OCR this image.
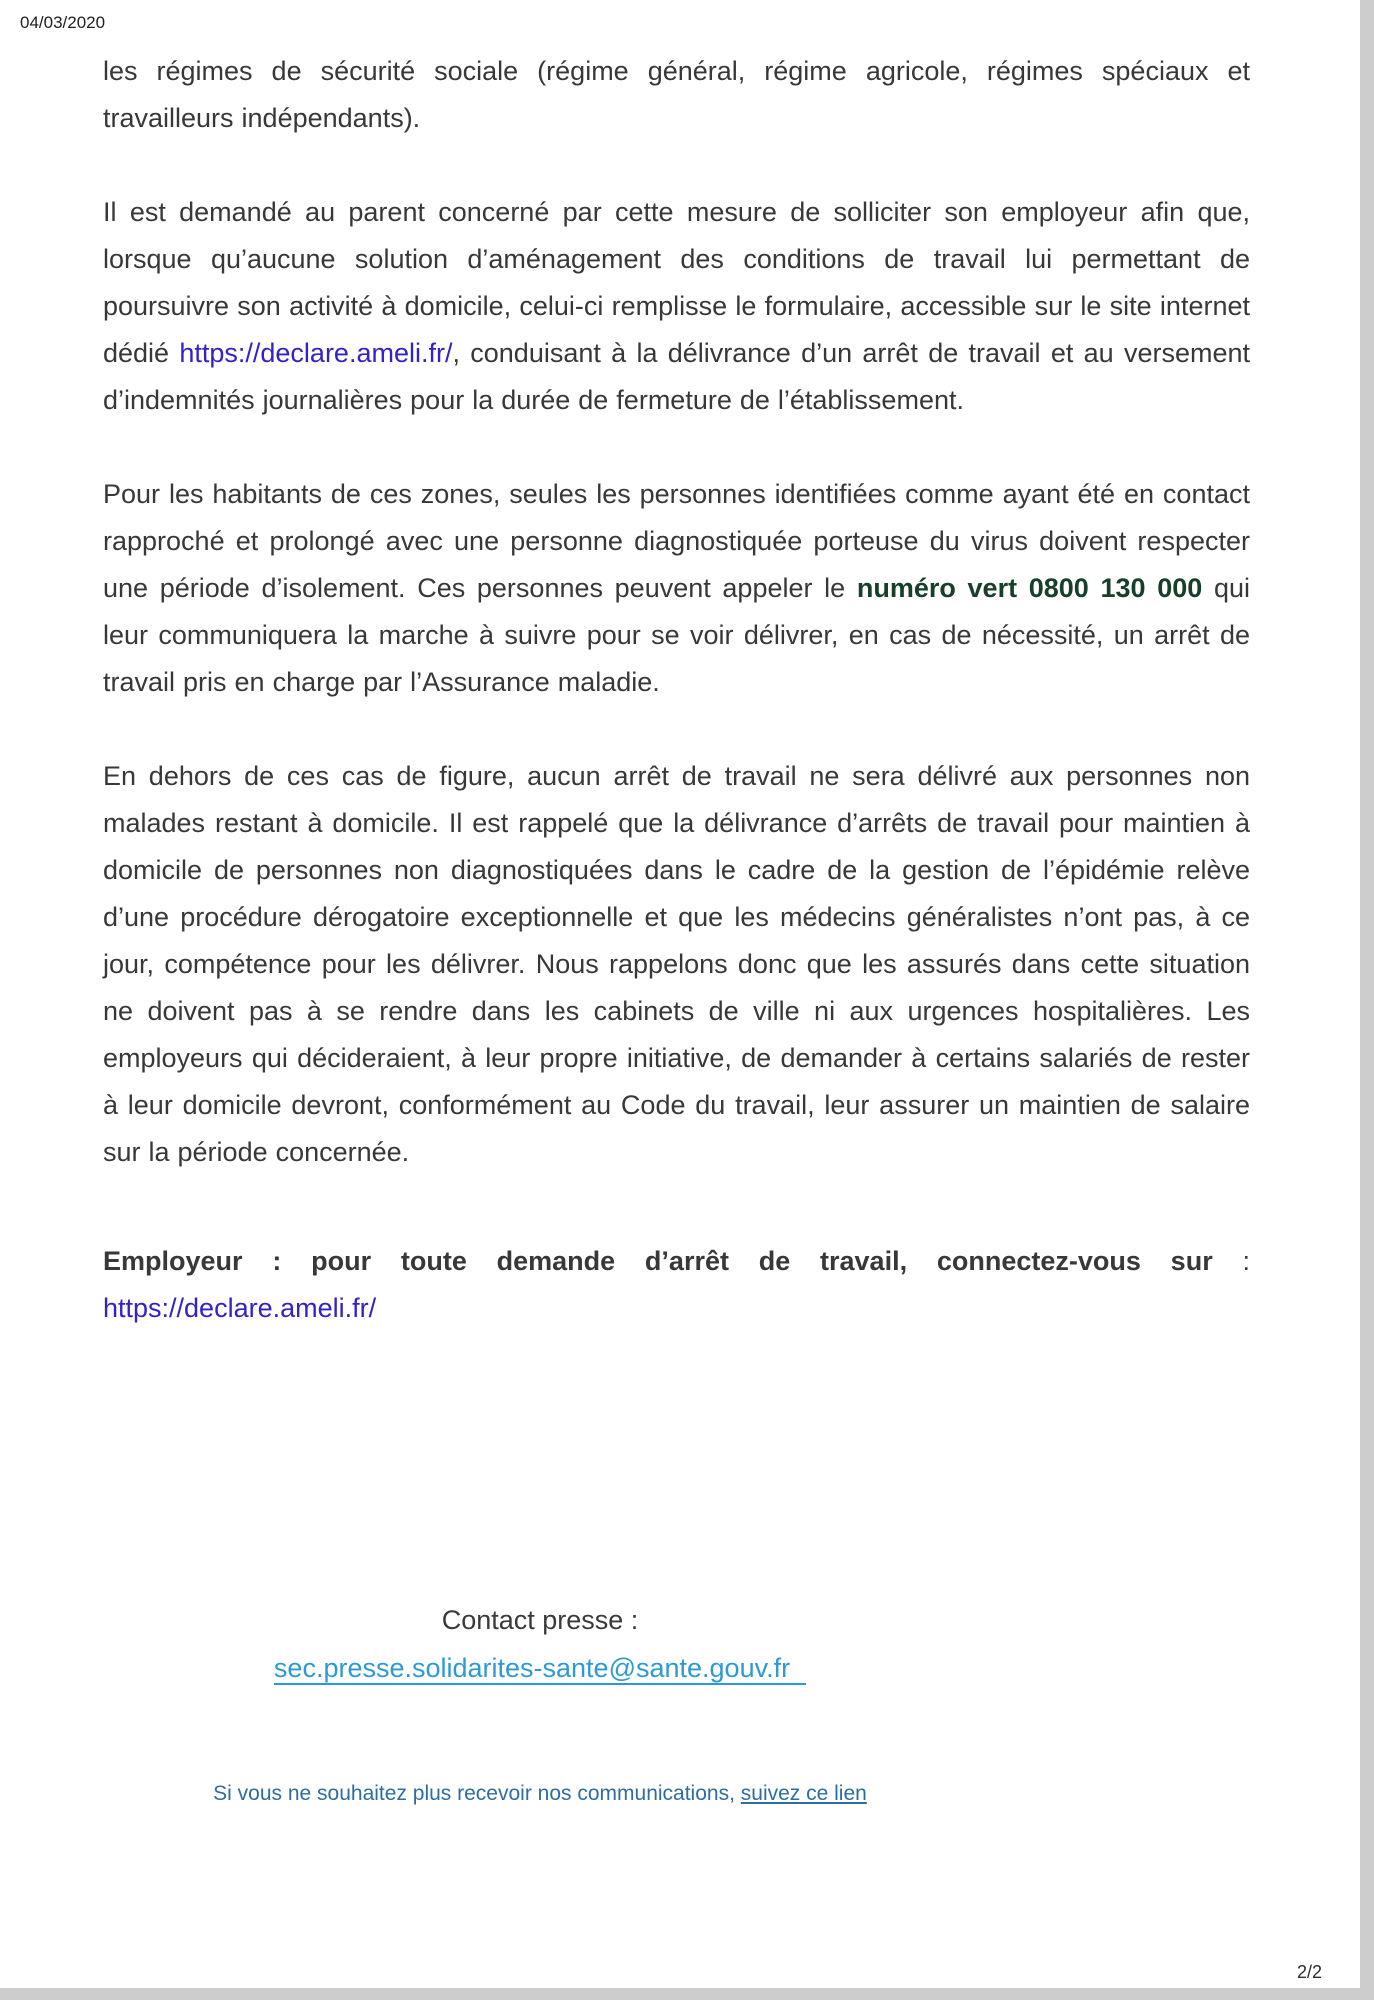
04/03/2020

les régimes de sécurité sociale (régime général, régime agricole, régimes spéciaux et travailleurs indépendants).

Il est demandé au parent concerné par cette mesure de solliciter son employeur afin que, lorsque qu’aucune solution d’aménagement des conditions de travail lui permettant de poursuivre son activité à domicile, celui-ci remplisse le formulaire, accessible sur le site internet dédié https://declare.ameli.fr/, conduisant à la délivrance d’un arrêt de travail et au versement d’indemnités journalières pour la durée de fermeture de l’établissement.

Pour les habitants de ces zones, seules les personnes identifiées comme ayant été en contact rapproché et prolongé avec une personne diagnostiquée porteuse du virus doivent respecter une période d’isolement. Ces personnes peuvent appeler le numéro vert 0800 130 000 qui leur communiquera la marche à suivre pour se voir délivrer, en cas de nécessité, un arrêt de travail pris en charge par l’Assurance maladie.

En dehors de ces cas de figure, aucun arrêt de travail ne sera délivré aux personnes non malades restant à domicile. Il est rappelé que la délivrance d’arrêts de travail pour maintien à domicile de personnes non diagnostiquées dans le cadre de la gestion de l’épidémie relève d’une procédure dérogatoire exceptionnelle et que les médecins généralistes n’ont pas, à ce jour, compétence pour les délivrer. Nous rappelons donc que les assurés dans cette situation ne doivent pas à se rendre dans les cabinets de ville ni aux urgences hospitalières. Les employeurs qui décideraient, à leur propre initiative, de demander à certains salariés de rester à leur domicile devront, conformément au Code du travail, leur assurer un maintien de salaire sur la période concernée.

Employeur : pour toute demande d’arrêt de travail, connectez-vous sur :

https://declare.ameli.fr/

Contact presse :
sec.presse.solidarites-sante@sante.gouv.fr
Si vous ne souhaitez plus recevoir nos communications, suivez ce lien
2/2
